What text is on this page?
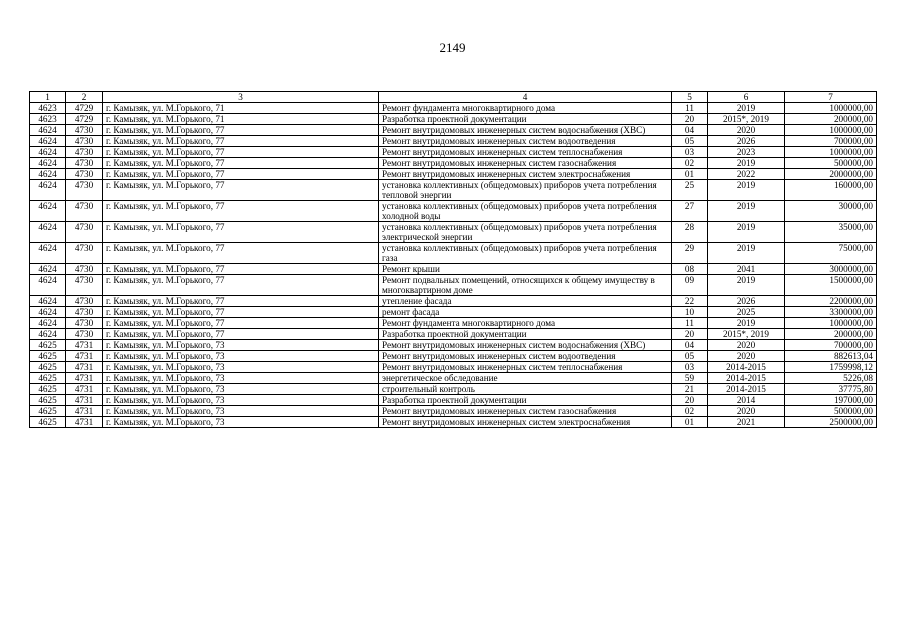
2149
1	2	3	4	5	6	7
4623	4729	г. Камызяк, ул. М.Горького, 71	Ремонт фундамента многоквартирного дома	11	2019	1000000,00
4623	4729	г. Камызяк, ул. М.Горького, 71	Разработка проектной документации	20	2015*, 2019	200000,00
4624	4730	г. Камызяк, ул. М.Горького, 77	Ремонт внутридомовых инженерных систем водоснабжения (ХВС)	04	2020	1000000,00
4624	4730	г. Камызяк, ул. М.Горького, 77	Ремонт внутридомовых инженерных систем водоотведения	05	2026	700000,00
4624	4730	г. Камызяк, ул. М.Горького, 77	Ремонт внутридомовых инженерных систем теплоснабжения	03	2023	1000000,00
4624	4730	г. Камызяк, ул. М.Горького, 77	Ремонт внутридомовых инженерных систем газоснабжения	02	2019	500000,00
4624	4730	г. Камызяк, ул. М.Горького, 77	Ремонт внутридомовых инженерных систем электроснабжения	01	2022	2000000,00
4624	4730	г. Камызяк, ул. М.Горького, 77	установка коллективных (общедомовых) приборов учета потребления тепловой энергии	25	2019	160000,00
4624	4730	г. Камызяк, ул. М.Горького, 77	установка коллективных (общедомовых) приборов учета потребления холодной воды	27	2019	30000,00
4624	4730	г. Камызяк, ул. М.Горького, 77	установка коллективных (общедомовых) приборов учета потребления электрической энергии	28	2019	35000,00
4624	4730	г. Камызяк, ул. М.Горького, 77	установка коллективных (общедомовых) приборов учета потребления газа	29	2019	75000,00
4624	4730	г. Камызяк, ул. М.Горького, 77	Ремонт крыши	08	2041	3000000,00
4624	4730	г. Камызяк, ул. М.Горького, 77	Ремонт подвальных помещений, относящихся к общему имуществу в многоквартирном доме	09	2019	1500000,00
4624	4730	г. Камызяк, ул. М.Горького, 77	утепление фасада	22	2026	2200000,00
4624	4730	г. Камызяк, ул. М.Горького, 77	ремонт фасада	10	2025	3300000,00
4624	4730	г. Камызяк, ул. М.Горького, 77	Ремонт фундамента многоквартирного дома	11	2019	1000000,00
4624	4730	г. Камызяк, ул. М.Горького, 77	Разработка проектной документации	20	2015*, 2019	200000,00
4625	4731	г. Камызяк, ул. М.Горького, 73	Ремонт внутридомовых инженерных систем водоснабжения (ХВС)	04	2020	700000,00
4625	4731	г. Камызяк, ул. М.Горького, 73	Ремонт внутридомовых инженерных систем водоотведения	05	2020	882613,04
4625	4731	г. Камызяк, ул. М.Горького, 73	Ремонт внутридомовых инженерных систем теплоснабжения	03	2014-2015	1759998,12
4625	4731	г. Камызяк, ул. М.Горького, 73	энергетическое обследование	59	2014-2015	5226,08
4625	4731	г. Камызяк, ул. М.Горького, 73	строительный контроль	21	2014-2015	37775,80
4625	4731	г. Камызяк, ул. М.Горького, 73	Разработка проектной документации	20	2014	197000,00
4625	4731	г. Камызяк, ул. М.Горького, 73	Ремонт внутридомовых инженерных систем газоснабжения	02	2020	500000,00
4625	4731	г. Камызяк, ул. М.Горького, 73	Ремонт внутридомовых инженерных систем электроснабжения	01	2021	2500000,00
